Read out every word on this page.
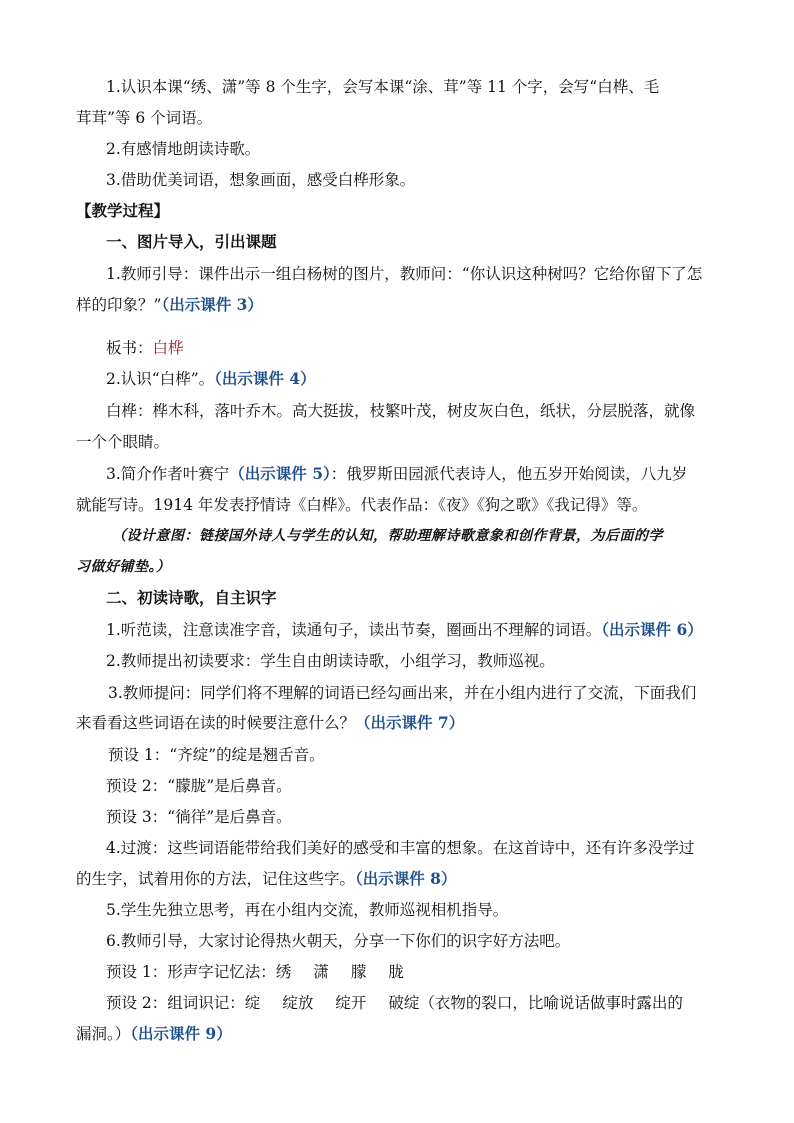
1.认识本课“绣、潇”等 8 个生字，会写本课“涂、茸”等 11 个字，会写“白桦、毛
茸茸”等 6 个词语。
2.有感情地朗读诗歌。
3.借助优美词语，想象画面，感受白桦形象。
【教学过程】
一、图片导入，引出课题
1.教师引导：课件出示一组白杨树的图片，教师问：“你认识这种树吗？它给你留下了怎
样的印象？”（出示课件 3）
板书：白桦
2.认识“白桦”。（出示课件 4）
白桦：桦木科，落叶乔木。高大挺拔，枝繁叶茂，树皮灰白色，纸状，分层脱落，就像
一个个眼睛。
3.简介作者叶赛宁（出示课件 5）：俄罗斯田园派代表诗人，他五岁开始阅读，八九岁
就能写诗。1914 年发表抒情诗《白桦》。代表作品：《夜》《狗之歌》《我记得》等。
（设计意图：链接国外诗人与学生的认知，帮助理解诗歌意象和创作背景，为后面的学
习做好铺垫。）
二、初读诗歌，自主识字
1.听范读，注意读准字音，读通句子，读出节奏，圈画出不理解的词语。（出示课件 6）
2.教师提出初读要求：学生自由朗读诗歌，小组学习，教师巡视。
3.教师提问：同学们将不理解的词语已经勾画出来，并在小组内进行了交流，下面我们
来看看这些词语在读的时候要注意什么？（出示课件 7）
预设 1：“齐绽”的绽是翘舌音。
预设 2：“朦胧”是后鼻音。
预设 3：“徜徉”是后鼻音。
4.过渡：这些词语能带给我们美好的感受和丰富的想象。在这首诗中，还有许多没学过
的生字，试着用你的方法，记住这些字。（出示课件 8）
5.学生先独立思考，再在小组内交流，教师巡视相机指导。
6.教师引导，大家讨论得热火朝天，分享一下你们的识字好方法吧。
预设 1：形声字记忆法：绣 潇 朦 胧
预设 2：组词识记：绽 绽放 绽开 破绽（衣物的裂口，比喻说话做事时露出的
漏洞。）（出示课件 9）
